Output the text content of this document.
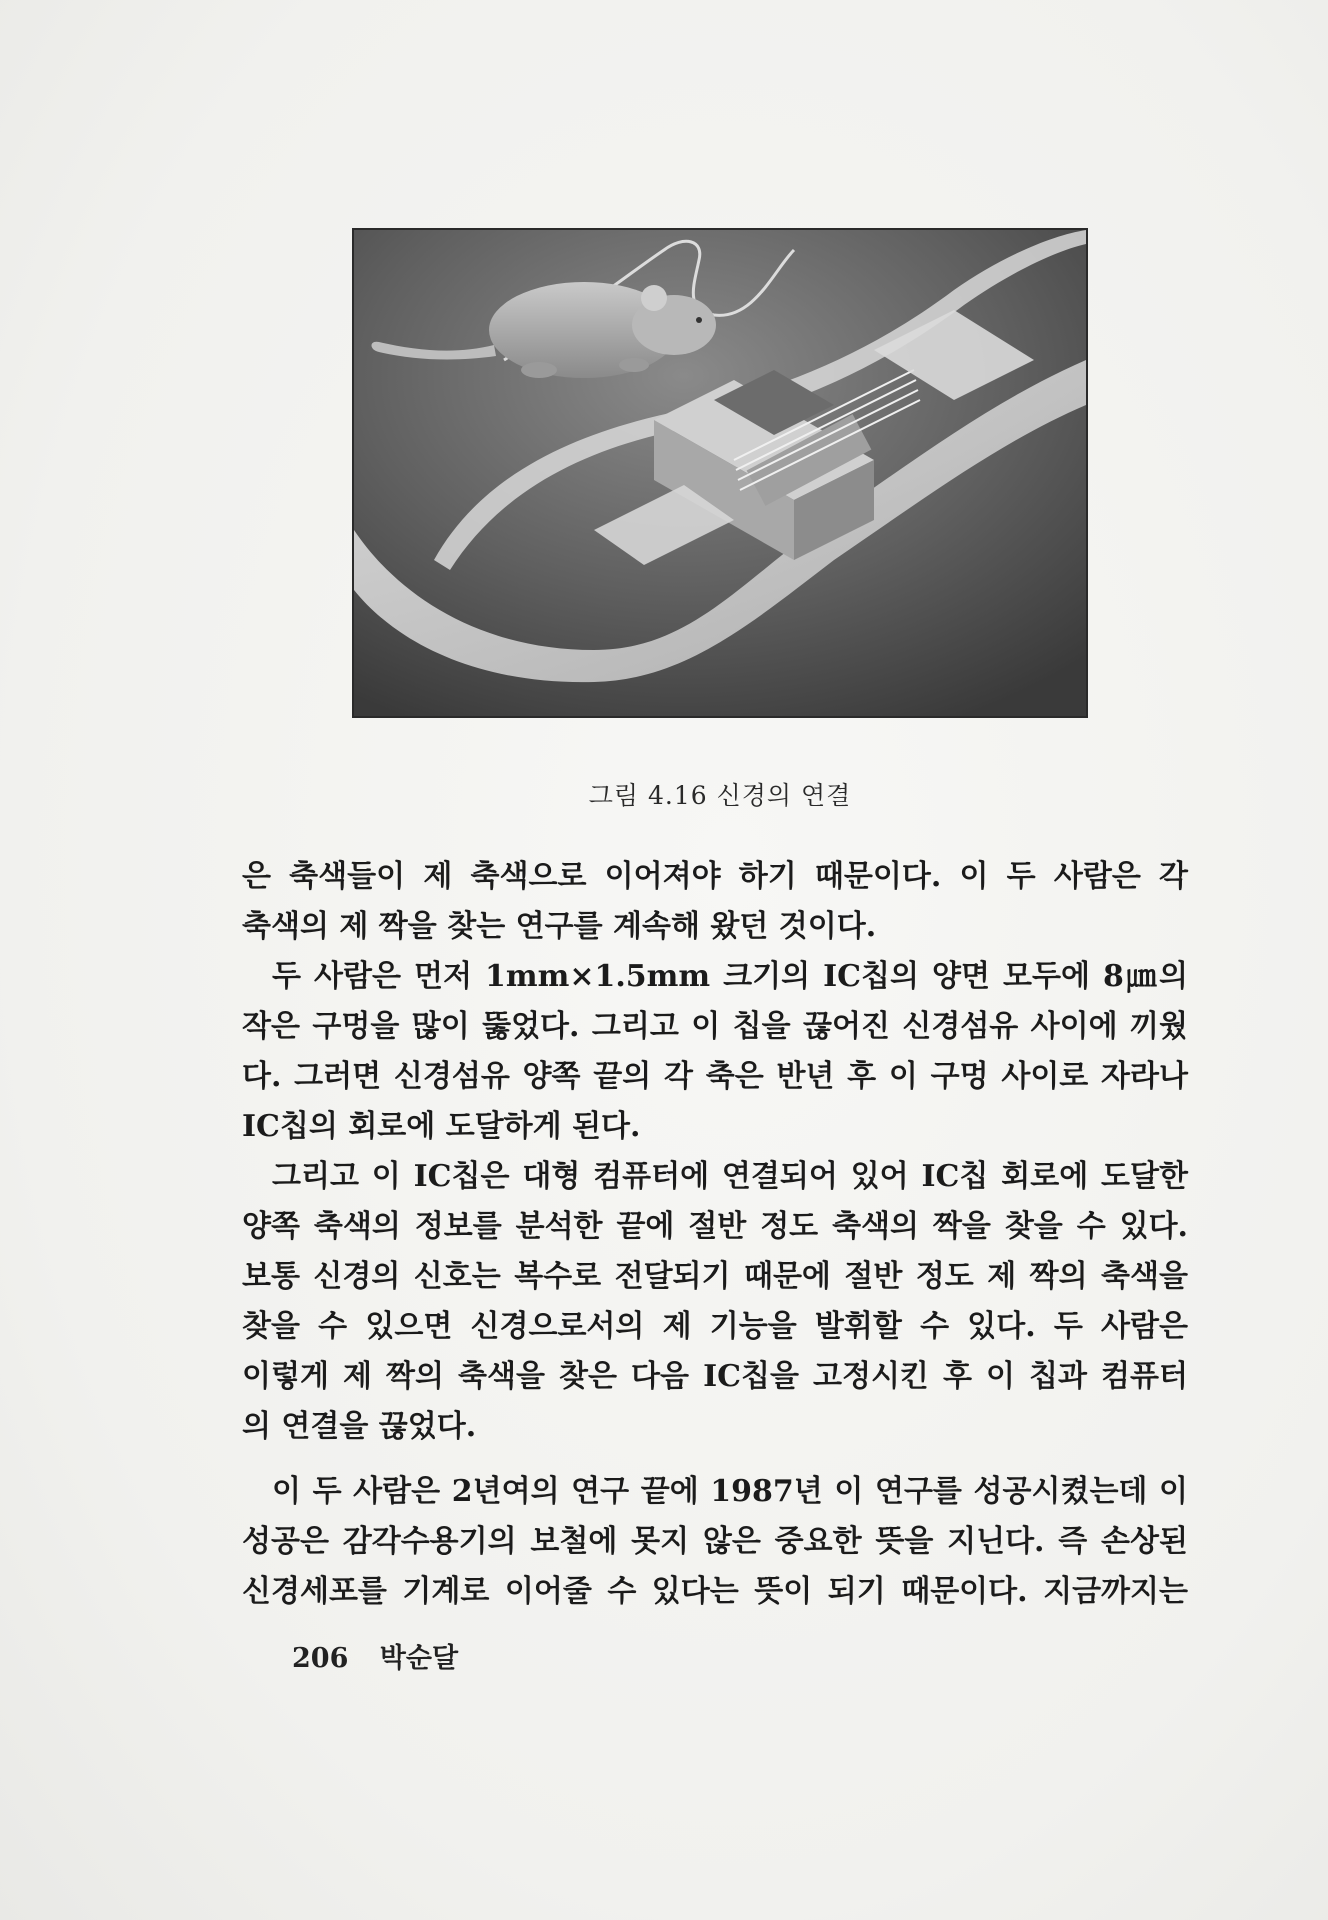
그림 4.16 신경의 연결
은 축색들이 제 축색으로 이어져야 하기 때문이다. 이 두 사람은 각
축색의 제 짝을 찾는 연구를 계속해 왔던 것이다.
두 사람은 먼저 1mm×1.5mm 크기의 IC칩의 양면 모두에 8㎛의
작은 구멍을 많이 뚫었다. 그리고 이 칩을 끊어진 신경섬유 사이에 끼웠
다. 그러면 신경섬유 양쪽 끝의 각 축은 반년 후 이 구멍 사이로 자라나
IC칩의 회로에 도달하게 된다.
그리고 이 IC칩은 대형 컴퓨터에 연결되어 있어 IC칩 회로에 도달한
양쪽 축색의 정보를 분석한 끝에 절반 정도 축색의 짝을 찾을 수 있다.
보통 신경의 신호는 복수로 전달되기 때문에 절반 정도 제 짝의 축색을
찾을 수 있으면 신경으로서의 제 기능을 발휘할 수 있다. 두 사람은
이렇게 제 짝의 축색을 찾은 다음 IC칩을 고정시킨 후 이 칩과 컴퓨터
의 연결을 끊었다.
이 두 사람은 2년여의 연구 끝에 1987년 이 연구를 성공시켰는데 이
성공은 감각수용기의 보철에 못지 않은 중요한 뜻을 지닌다. 즉 손상된
신경세포를 기계로 이어줄 수 있다는 뜻이 되기 때문이다. 지금까지는
206 박순달
